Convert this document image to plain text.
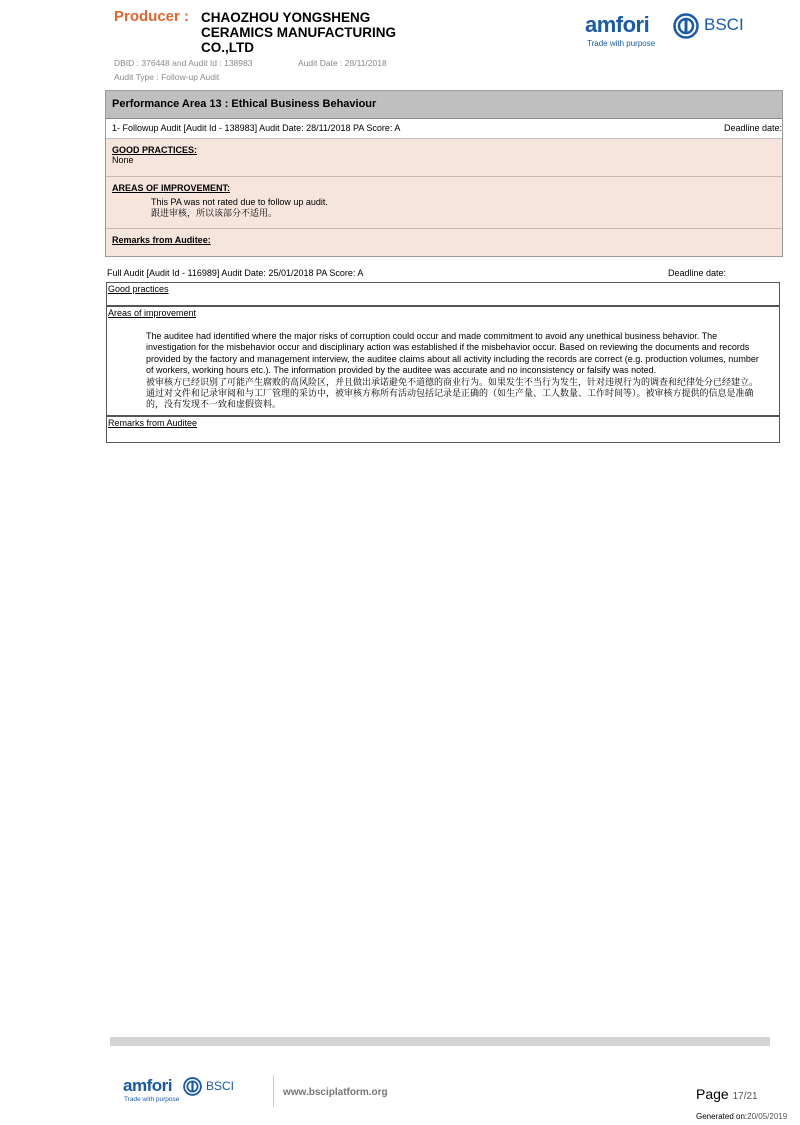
Producer : CHAOZHOU YONGSHENG
CERAMICS MANUFACTURING
CO.,LTD
DBID : 376448 and Audit Id : 138983	Audit Date : 28/11/2018
Audit Type : Follow-up Audit
amfori
Trade with purpose
BSCI
Performance Area 13 : Ethical Business Behaviour
1- Followup Audit [Audit Id - 138983] Audit Date: 28/11/2018 PA Score: A	Deadline date:
GOOD PRACTICES:
None
AREAS OF IMPROVEMENT:
This PA was not rated due to follow up audit.
跟进审核，所以该部分不适用。
Remarks from Auditee:
Full Audit [Audit Id - 116989] Audit Date: 25/01/2018 PA Score: A	Deadline date:
Good practices
Areas of improvement
The auditee had identified where the major risks of corruption could occur and made commitment to avoid any unethical business behavior. The investigation for the misbehavior occur and disciplinary action was established if the misbehavior occur. Based on reviewing the documents and records provided by the factory and management interview, the auditee claims about all activity including the records are correct (e.g. production volumes, number of workers, working hours etc.). The information provided by the auditee was accurate and no inconsistency or falsify was noted.
被审核方已经识别了可能产生腐败的高风险区，并且做出承诺避免不道德的商业行为。如果发生不当行为发生，针对违规行为的调查和纪律处分已经建立。通过对文件和记录审阅和与工厂管理的采访中，被审核方称所有活动包括记录是正确的（如生产量、工人数量、工作时间等）。被审核方提供的信息是准确的，没有发现不一致和虚假资料。
Remarks from Auditee
amfori
Trade with purpose
BSCI	www.bsciplatform.org	Page 17/21
Generated on:20/05/2019
